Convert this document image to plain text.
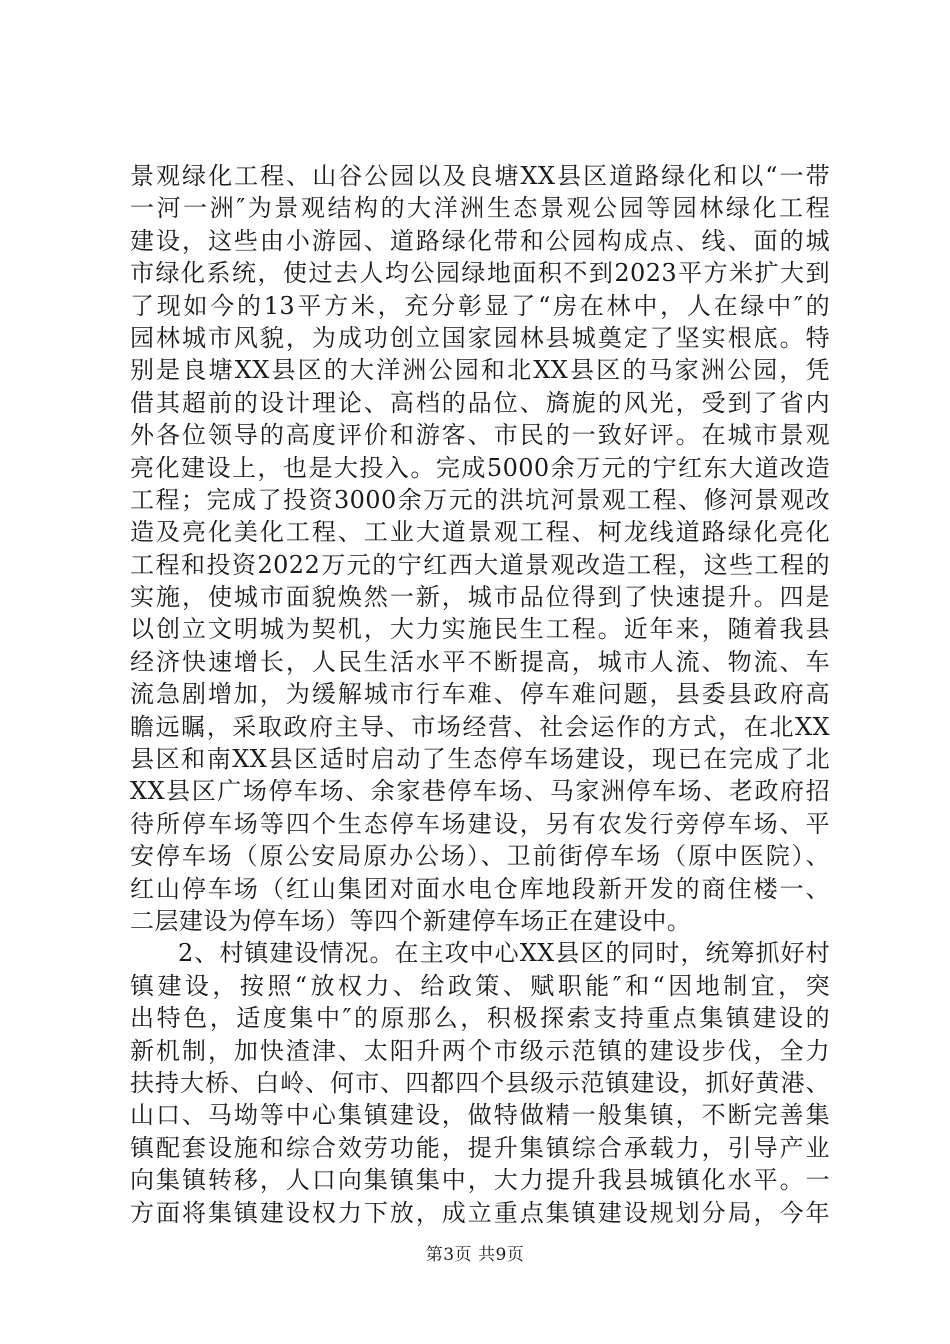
景观绿化工程、山谷公园以及良塘XX县区道路绿化和以“一带
一河一洲″为景观结构的大洋洲生态景观公园等园林绿化工程
建设，这些由小游园、道路绿化带和公园构成点、线、面的城
市绿化系统，使过去人均公园绿地面积不到2023平方米扩大到
了现如今的13平方米，充分彰显了“房在林中，人在绿中″的
园林城市风貌，为成功创立国家园林县城奠定了坚实根底。特
别是良塘XX县区的大洋洲公园和北XX县区的马家洲公园，凭
借其超前的设计理论、高档的品位、旖旎的风光，受到了省内
外各位领导的高度评价和游客、市民的一致好评。在城市景观
亮化建设上，也是大投入。完成5000余万元的宁红东大道改造
工程；完成了投资3000余万元的洪坑河景观工程、修河景观改
造及亮化美化工程、工业大道景观工程、柯龙线道路绿化亮化
工程和投资2022万元的宁红西大道景观改造工程，这些工程的
实施，使城市面貌焕然一新，城市品位得到了快速提升。四是
以创立文明城为契机，大力实施民生工程。近年来，随着我县
经济快速增长，人民生活水平不断提高，城市人流、物流、车
流急剧增加，为缓解城市行车难、停车难问题，县委县政府高
瞻远瞩，采取政府主导、市场经营、社会运作的方式，在北XX
县区和南XX县区适时启动了生态停车场建设，现已在完成了北
XX县区广场停车场、余家巷停车场、马家洲停车场、老政府招
待所停车场等四个生态停车场建设，另有农发行旁停车场、平
安停车场（原公安局原办公场）、卫前街停车场（原中医院）、
红山停车场（红山集团对面水电仓库地段新开发的商住楼一、
二层建设为停车场）等四个新建停车场正在建设中。
2、村镇建设情况。在主攻中心XX县区的同时，统筹抓好村
镇建设，按照“放权力、给政策、赋职能″和“因地制宜，突
出特色，适度集中″的原那么，积极探索支持重点集镇建设的
新机制，加快渣津、太阳升两个市级示范镇的建设步伐，全力
扶持大桥、白岭、何市、四都四个县级示范镇建设，抓好黄港、
山口、马坳等中心集镇建设，做特做精一般集镇，不断完善集
镇配套设施和综合效劳功能，提升集镇综合承载力，引导产业
向集镇转移，人口向集镇集中，大力提升我县城镇化水平。一
方面将集镇建设权力下放，成立重点集镇建设规划分局，今年
第3页 共9页
